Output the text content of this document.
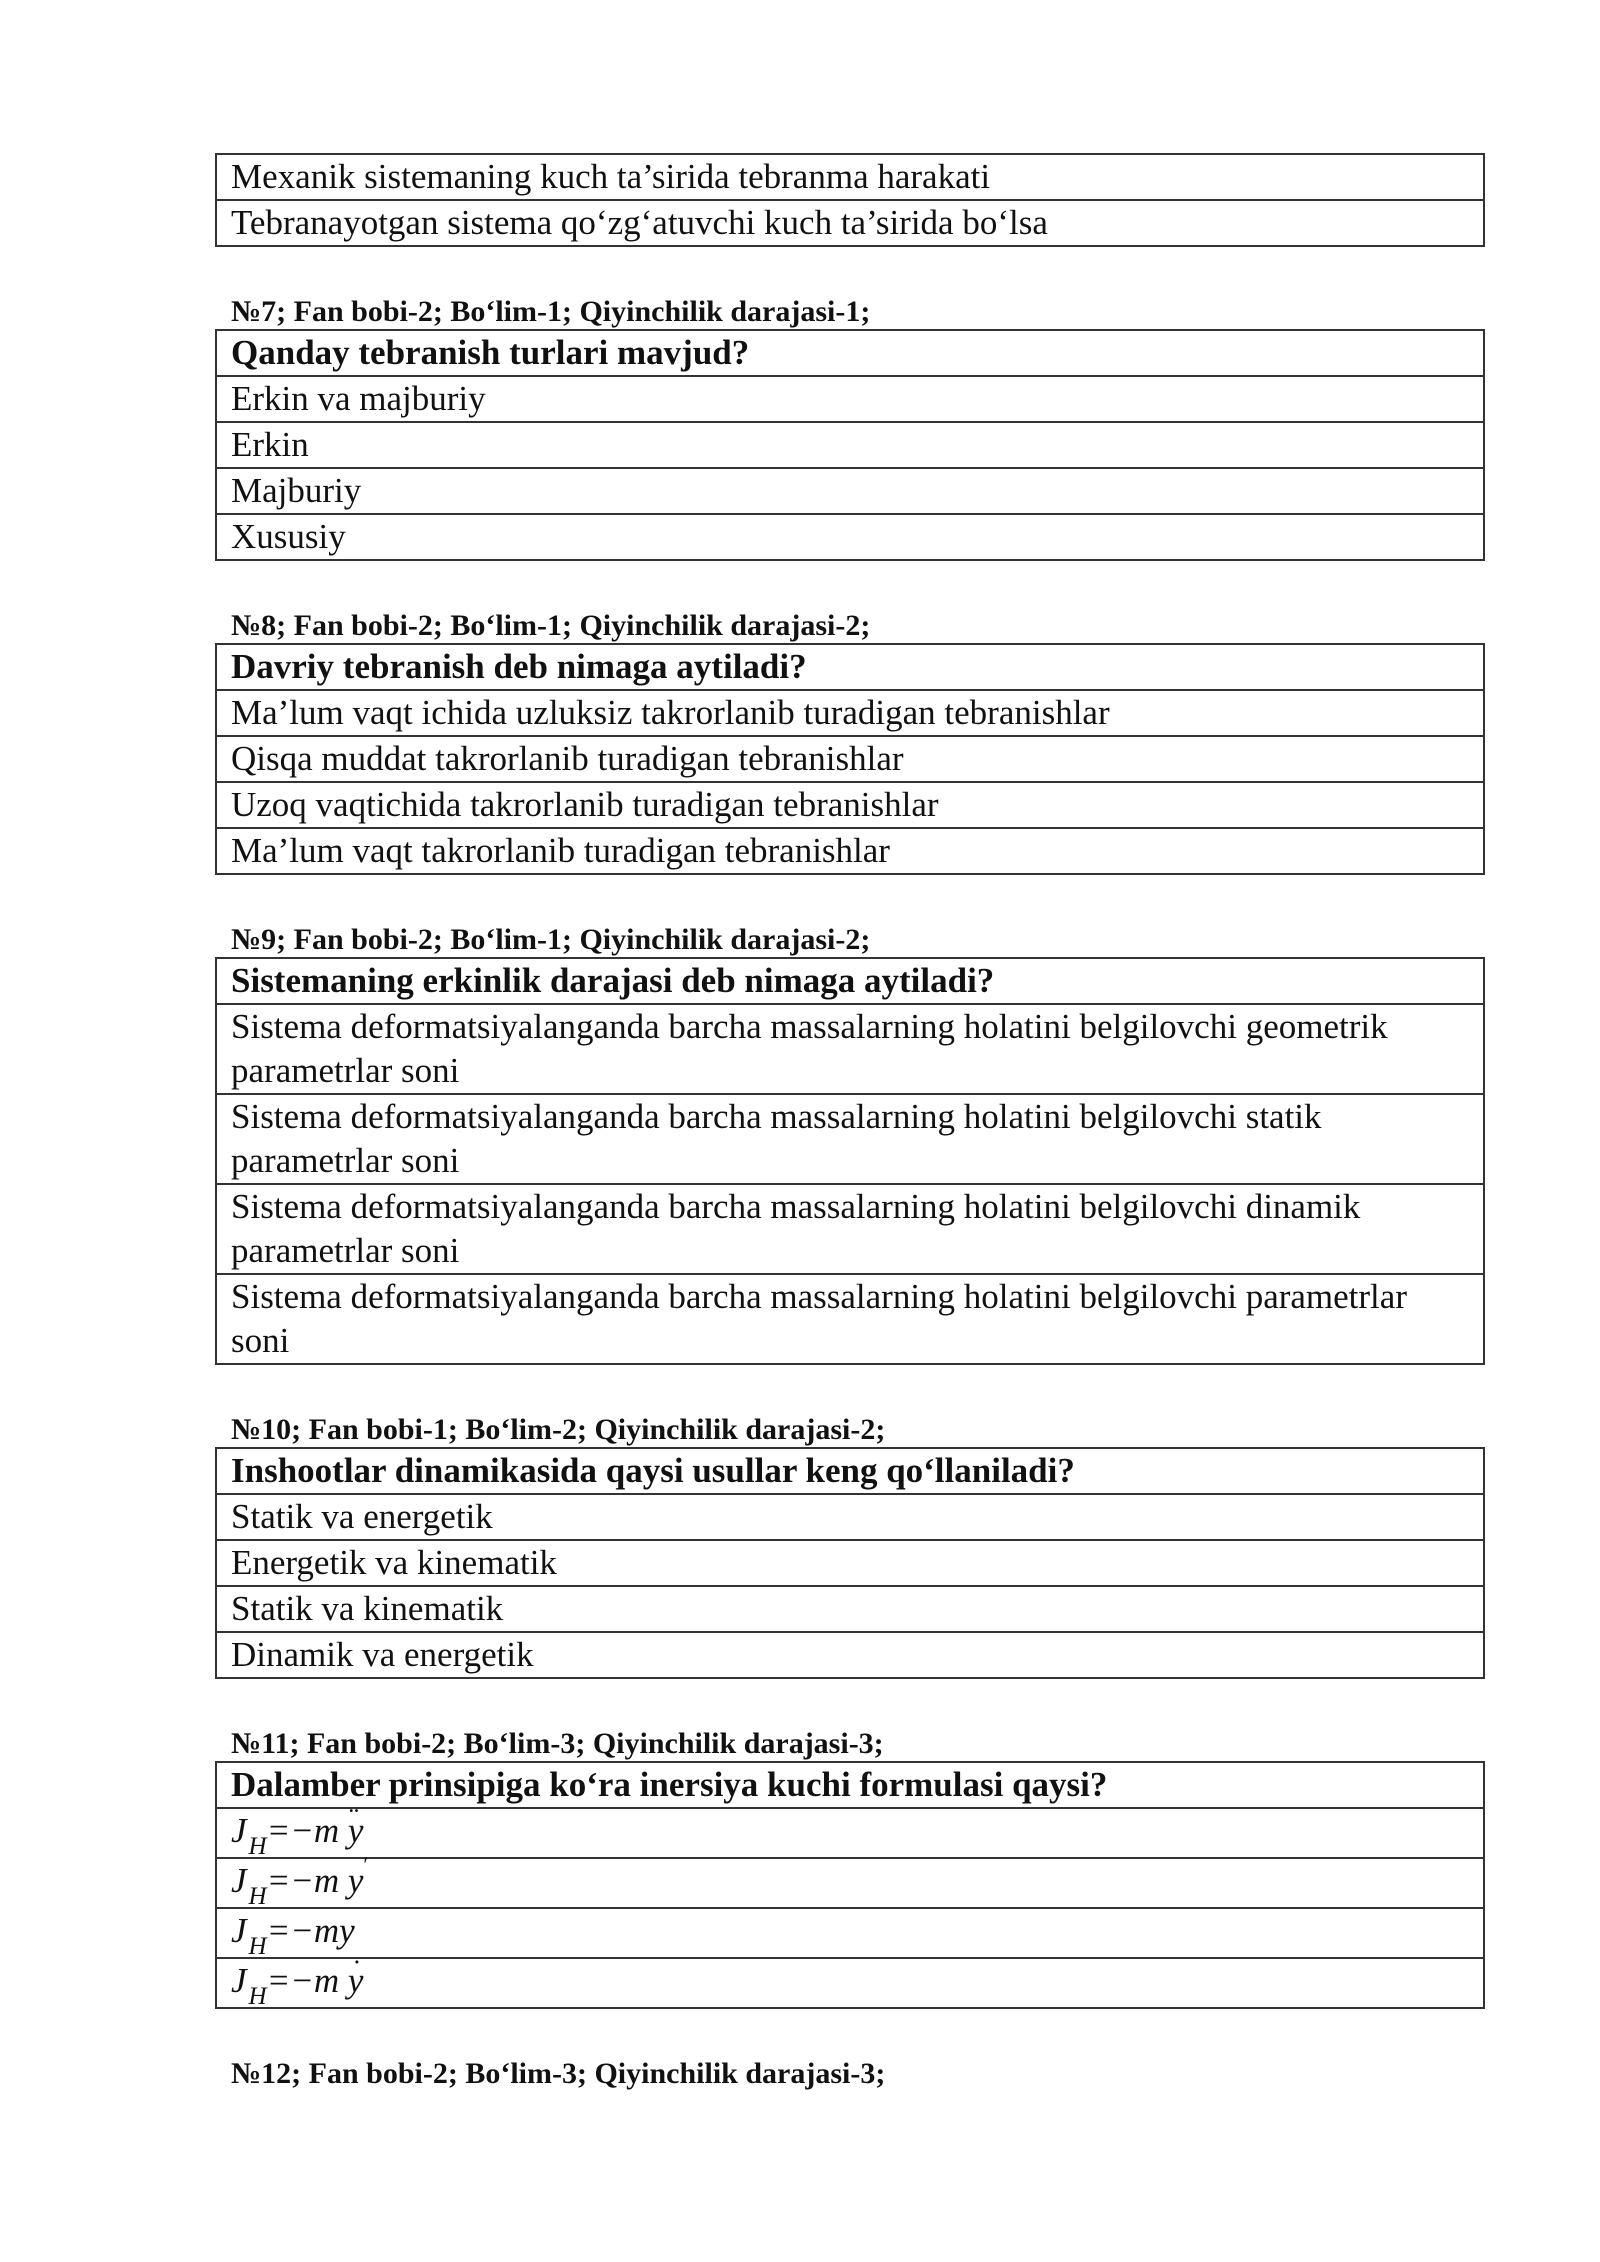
Mexanik sistemaning kuch ta’sirida tebranma harakati
Tebranayotgan sistema qo‘zg‘atuvchi kuch ta’sirida bo‘lsa
№7; Fan bobi-2; Bo‘lim-1; Qiyinchilik darajasi-1;
Qanday tebranish turlari mavjud?
Erkin va majburiy
Erkin
Majburiy
Xususiy
№8; Fan bobi-2; Bo‘lim-1; Qiyinchilik darajasi-2;
Davriy tebranish deb nimaga aytiladi?
Ma’lum vaqt ichida uzluksiz takrorlanib turadigan tebranishlar
Qisqa muddat takrorlanib turadigan tebranishlar
Uzoq vaqtichida takrorlanib turadigan tebranishlar
Ma’lum vaqt takrorlanib turadigan tebranishlar
№9; Fan bobi-2; Bo‘lim-1; Qiyinchilik darajasi-2;
Sistemaning erkinlik darajasi deb nimaga aytiladi?
Sistema deformatsiyalanganda barcha massalarning holatini belgilovchi geometrik parametrlar soni
Sistema deformatsiyalanganda barcha massalarning holatini belgilovchi statik parametrlar soni
Sistema deformatsiyalanganda barcha massalarning holatini belgilovchi dinamik parametrlar soni
Sistema deformatsiyalanganda barcha massalarning holatini belgilovchi parametrlar soni
№10; Fan bobi-1; Bo‘lim-2; Qiyinchilik darajasi-2;
Inshootlar dinamikasida qaysi usullar keng qo‘llaniladi?
Statik va energetik
Energetik va kinematik
Statik va kinematik
Dinamik va energetik
№11; Fan bobi-2; Bo‘lim-3; Qiyinchilik darajasi-3;
Dalamber prinsipiga ko‘ra inersiya kuchi formulasi qaysi?
$J_H=-m$ ¨ y
$J_H=-m$ y′
$J_H=-my$
$J_H=-m$ ˙ y
№12; Fan bobi-2; Bo‘lim-3; Qiyinchilik darajasi-3;
